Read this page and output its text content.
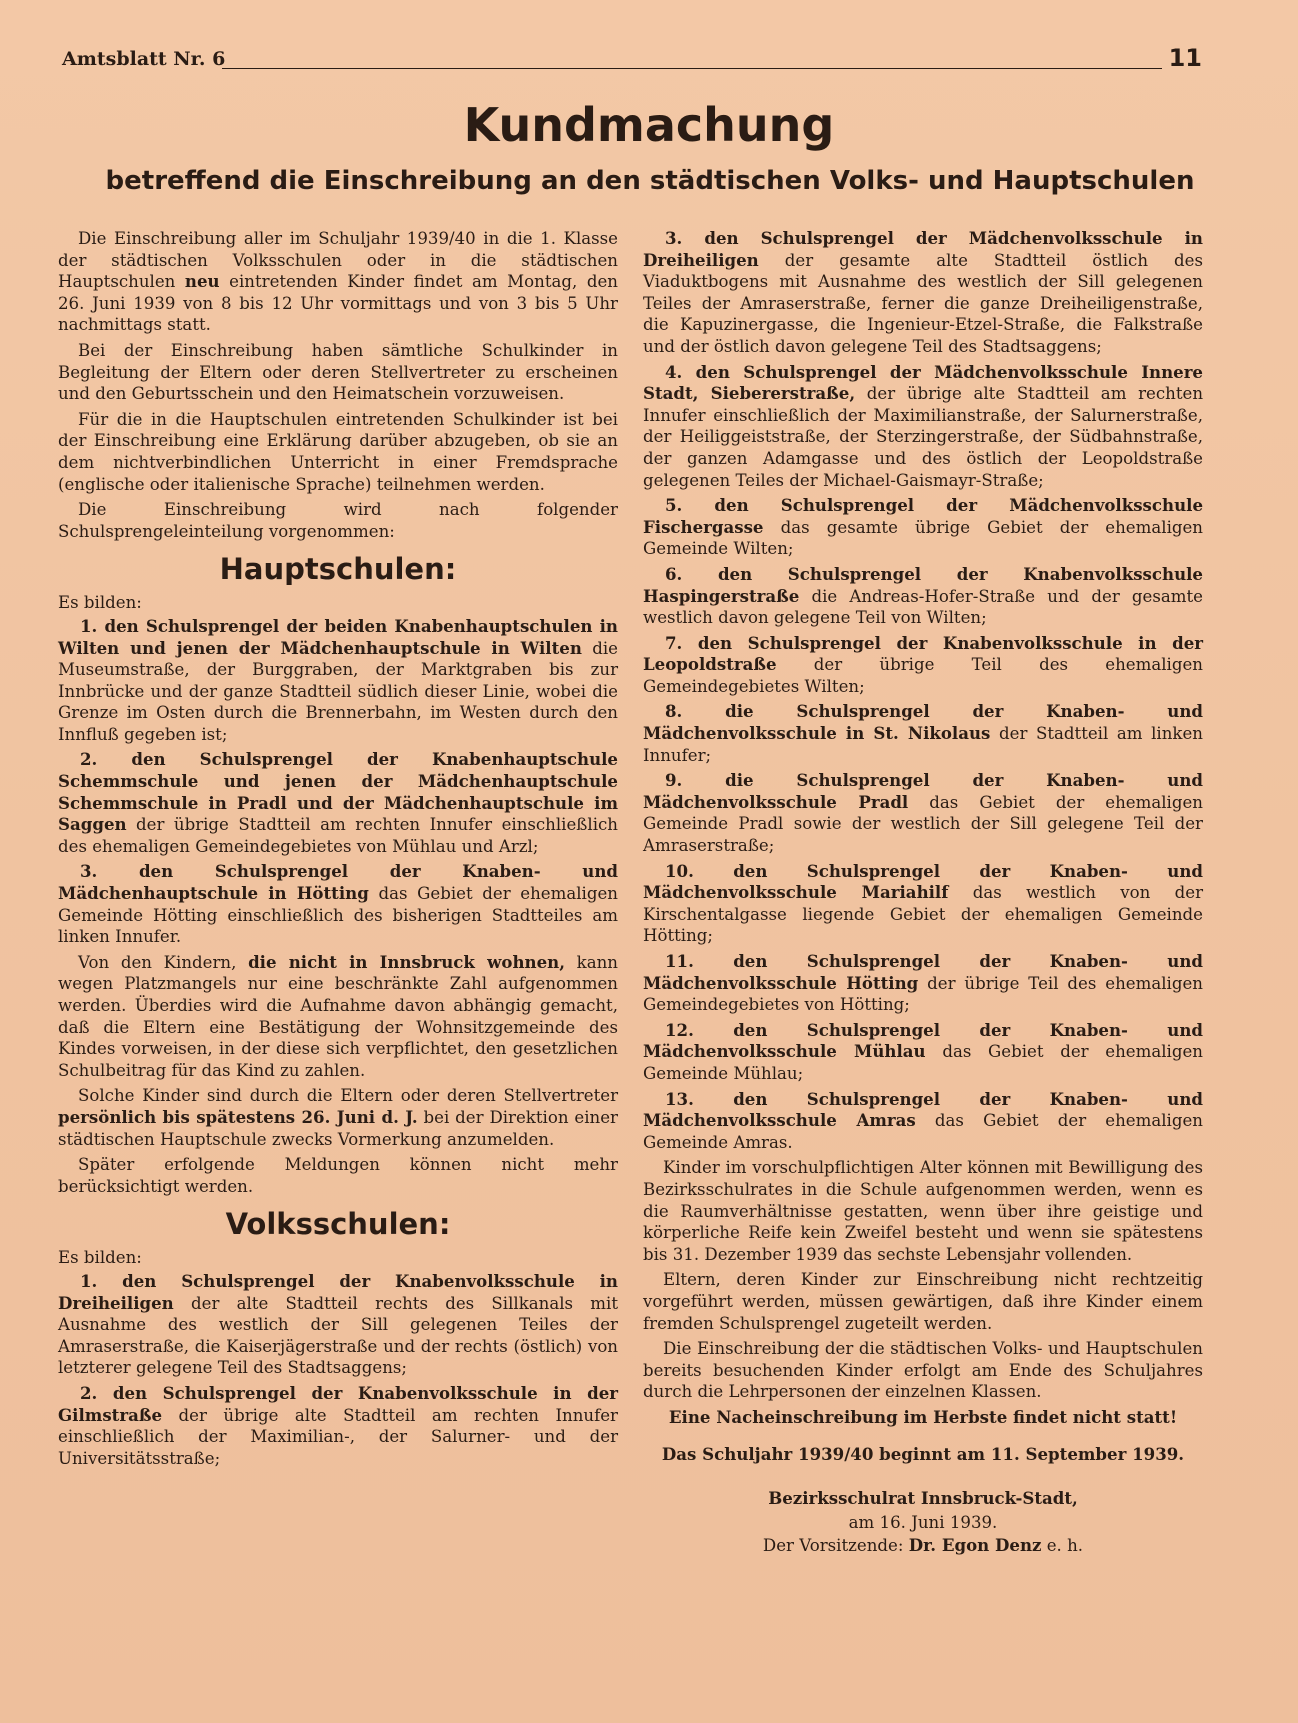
Amtsblatt Nr. 6	11
Kundmachung
betreffend die Einschreibung an den städtischen Volks- und Hauptschulen

Die Einschreibung aller im Schuljahr 1939/40 in die 1. Klasse der städtischen Volksschulen oder in die städtischen Hauptschulen neu eintretenden Kinder findet am Montag, den 26. Juni 1939 von 8 bis 12 Uhr vormittags und von 3 bis 5 Uhr nachmittags statt.

Bei der Einschreibung haben sämtliche Schulkinder in Begleitung der Eltern oder deren Stellvertreter zu erscheinen und den Geburtsschein und den Heimatschein vorzuweisen.

Für die in die Hauptschulen eintretenden Schulkinder ist bei der Einschreibung eine Erklärung darüber abzugeben, ob sie an dem nichtverbindlichen Unterricht in einer Fremdsprache (englische oder italienische Sprache) teilnehmen werden.

Die Einschreibung wird nach folgender Schulsprengeleinteilung vorgenommen:

Hauptschulen:

Es bilden:

1. den Schulsprengel der beiden Knabenhauptschulen in Wilten und jenen der Mädchenhauptschule in Wilten die Museumstraße, der Burggraben, der Marktgraben bis zur Innbrücke und der ganze Stadtteil südlich dieser Linie, wobei die Grenze im Osten durch die Brennerbahn, im Westen durch den Innfluß gegeben ist;

2. den Schulsprengel der Knabenhauptschule Schemmschule und jenen der Mädchenhauptschule Schemmschule in Pradl und der Mädchenhauptschule im Saggen der übrige Stadtteil am rechten Innufer einschließlich des ehemaligen Gemeindegebietes von Mühlau und Arzl;

3. den Schulsprengel der Knaben- und Mädchenhauptschule in Hötting das Gebiet der ehemaligen Gemeinde Hötting einschließlich des bisherigen Stadtteiles am linken Innufer.

Von den Kindern, die nicht in Innsbruck wohnen, kann wegen Platzmangels nur eine beschränkte Zahl aufgenommen werden. Überdies wird die Aufnahme davon abhängig gemacht, daß die Eltern eine Bestätigung der Wohnsitzgemeinde des Kindes vorweisen, in der diese sich verpflichtet, den gesetzlichen Schulbeitrag für das Kind zu zahlen.

Solche Kinder sind durch die Eltern oder deren Stellvertreter persönlich bis spätestens 26. Juni d. J. bei der Direktion einer städtischen Hauptschule zwecks Vormerkung anzumelden.

Später erfolgende Meldungen können nicht mehr berücksichtigt werden.

Volksschulen:

Es bilden:

1. den Schulsprengel der Knabenvolksschule in Dreiheiligen der alte Stadtteil rechts des Sillkanals mit Ausnahme des westlich der Sill gelegenen Teiles der Amraserstraße, die Kaiserjägerstraße und der rechts (östlich) von letzterer gelegene Teil des Stadtsaggens;

2. den Schulsprengel der Knabenvolksschule in der Gilmstraße der übrige alte Stadtteil am rechten Innufer einschließlich der Maximilian-, der Salurner- und der Universitätsstraße;

3. den Schulsprengel der Mädchenvolksschule in Dreiheiligen der gesamte alte Stadtteil östlich des Viaduktbogens mit Ausnahme des westlich der Sill gelegenen Teiles der Amraserstraße, ferner die ganze Dreiheiligenstraße, die Kapuzinergasse, die Ingenieur-Etzel-Straße, die Falkstraße und der östlich davon gelegene Teil des Stadtsaggens;

4. den Schulsprengel der Mädchenvolksschule Innere Stadt, Siebererstraße, der übrige alte Stadtteil am rechten Innufer einschließlich der Maximilianstraße, der Salurnerstraße, der Heiliggeiststraße, der Sterzingerstraße, der Südbahnstraße, der ganzen Adamgasse und des östlich der Leopoldstraße gelegenen Teiles der Michael-Gaismayr-Straße;

5. den Schulsprengel der Mädchenvolksschule Fischergasse das gesamte übrige Gebiet der ehemaligen Gemeinde Wilten;

6. den Schulsprengel der Knabenvolksschule Haspingerstraße die Andreas-Hofer-Straße und der gesamte westlich davon gelegene Teil von Wilten;

7. den Schulsprengel der Knabenvolksschule in der Leopoldstraße der übrige Teil des ehemaligen Gemeindegebietes Wilten;

8. die Schulsprengel der Knaben- und Mädchenvolksschule in St. Nikolaus der Stadtteil am linken Innufer;

9. die Schulsprengel der Knaben- und Mädchenvolksschule Pradl das Gebiet der ehemaligen Gemeinde Pradl sowie der westlich der Sill gelegene Teil der Amraserstraße;

10. den Schulsprengel der Knaben- und Mädchenvolksschule Mariahilf das westlich von der Kirschentalgasse liegende Gebiet der ehemaligen Gemeinde Hötting;

11. den Schulsprengel der Knaben- und Mädchenvolksschule Hötting der übrige Teil des ehemaligen Gemeindegebietes von Hötting;

12. den Schulsprengel der Knaben- und Mädchenvolksschule Mühlau das Gebiet der ehemaligen Gemeinde Mühlau;

13. den Schulsprengel der Knaben- und Mädchenvolksschule Amras das Gebiet der ehemaligen Gemeinde Amras.

Kinder im vorschulpflichtigen Alter können mit Bewilligung des Bezirksschulrates in die Schule aufgenommen werden, wenn es die Raumverhältnisse gestatten, wenn über ihre geistige und körperliche Reife kein Zweifel besteht und wenn sie spätestens bis 31. Dezember 1939 das sechste Lebensjahr vollenden.

Eltern, deren Kinder zur Einschreibung nicht rechtzeitig vorgeführt werden, müssen gewärtigen, daß ihre Kinder einem fremden Schulsprengel zugeteilt werden.

Die Einschreibung der die städtischen Volks- und Hauptschulen bereits besuchenden Kinder erfolgt am Ende des Schuljahres durch die Lehrpersonen der einzelnen Klassen.

Eine Nacheinschreibung im Herbste findet nicht statt!

Das Schuljahr 1939/40 beginnt am 11. September 1939.

Bezirksschulrat Innsbruck-Stadt,

am 16. Juni 1939.

Der Vorsitzende: Dr. Egon Denz e. h.
